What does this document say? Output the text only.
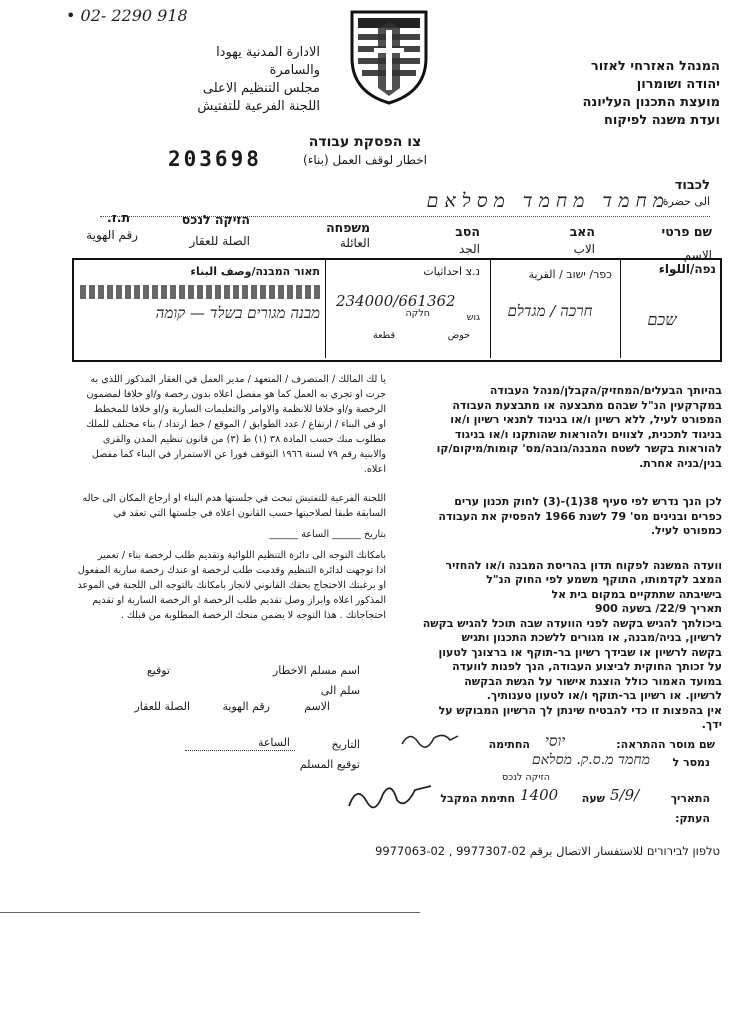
• 02- 2290 918
الادارة المدنية يهودا
والسامرة
مجلس التنظيم الاعلى
اللجنة الفرعية للتفتيش
המנהל האזרחי לאזור
יהודה ושומרון
מועצת התכנון העליונה
ועדת משנה לפיקוח
צו הפסקת עבודה
اخطار لوقف العمل (بناء)
203698
לכבוד
الى حضرة
מחמד מחמד מסלאם
שם פרטי
الاسم
האב
الاب
הסב
الجد
משפחה
العائلة
הזיקה לנכס
الصلة للعقار
ת.ז.
رقم الهوية
נפה/اللواء
שכם
כפר/ ישוב / القرية
חרכה / מגדלם
נ.צ احداثيات
234000/661362
גוש
חלקה
حوض
قطعة
תאור המבנה/وصف البناء
מבנה מגורים בשלד — קומה
בהיותך הבעלים/המחזיק/הקבלן/מנהל העבודה
במקרקעין הנ"ל שבהם מתבצעה או מתבצעת העבודה
המפורט לעיל, ללא רשיון ו/או בניגוד לתנאי רשיון ו/או
בניגוד לתכנית, לצווים ולהוראות שהותקנו ו/או בניגוד
להוראות בקשר לשטח המבנה/גובה/מס' קומות/מיקום/קו
בנין/בניה אחרת.
לכן הנך נדרש לפי סעיף 38(1)-(3) לחוק תכנון ערים
כפרים ובנינים מס' 79 לשנת 1966 להפסיק את העבודה
כמפורט לעיל.
וועדה המשנה לפקוח תדון בהריסת המבנה ו/או להחזיר
המצב לקדמותו, התוקף משמע לפי החוק הנ"ל
בישיבתה שתתקיים במקום בית אל
תאריך 22/9/ בשעה 900
ביכולתך להגיש בקשה לפני הוועדה שבה תוכל להגיש בקשה
לרשיון, בניה/מבנה, או מגורים ללשכת התכנון ותגיש
בקשה לרשיון או שבידך רשיון בר-תוקף או ברצונך לטעון
על זכותך החוקית לביצוע העבודה, הנך לפנות לוועדה
במועד האמור כולל הוצגת אישור על הגשת הבקשה
לרשיון. או רשיון בר-תוקף ו/או לטעון טענותיך.
אין בהפצות זו כדי להבטיח שינתן לך הרשיון המבוקש על
ידך.
يا لك المالك / المتصرف / المتعهد / مدير العمل في العقار المذكور اللذي به
جرت او تجري به العمل كما هو مفصل اعلاه بدون رخصة و/او خلافا لمضمون
الرخصة و/او خلافا للانظمة والاوامر والتعليمات السارية و/او خلافا للمخطط
او في البناء / ارتفاع / عدد الطوابق / الموقع / خط ارتداد / بناء مختلف للملك
مطلوب منك حسب المادة ٣٨ (١) ط (٣) من قانون تنظيم المدن والقرى
والابنية رقم ٧٩ لسنة ١٩٦٦ التوقف فورا عن الاستمرار في البناء كما مفصل
اعلاه.
اللجنة الفرعية للتفتيش تبحث في جلستها هدم البناء او ارجاع المكان الى حاله
السابقة طبقا لصلاحيتها حسب القانون اعلاه في جلستها التي تعقد في
بتاريخ ______ الساعة ______
بامكانك التوجه الى دائرة التنظيم اللوائية وتقديم طلب لرخصة بناء / تعمير
اذا توجهت لدائرة التنظيم وقدمت طلب لرخصة او عندك رخصة سارية المفعول
او برغبتك الاحتجاج بحقك القانوني لانجاز بامكانك بالتوجه الى اللجنة في الموعد
المذكور اعلاه وابراز وصل تقديم طلب الرخصة او الرخصة السارية او تقديم
احتجاجاتك . هذا التوجه لا يضمن منحك الرخصة المطلوبة من قبلك .
اسم مسلم الاخطار
توقيع
سلم الى
الاسم
رقم الهوية
الصلة للعقار
التاريخ
الساعة
توقيع المسلم
שם מוסר ההתראה:
יוסי
החתימה
נמסר ל
מחמד מ.ס.ק. מסלאם
הזיקה לנכס
התאריך
5/9/
שעה
1400
חתימת המקבל
העתק:
טלפון לבירורים للاستفسار الاتصال برقم 02-9977307 , 02-9977063
